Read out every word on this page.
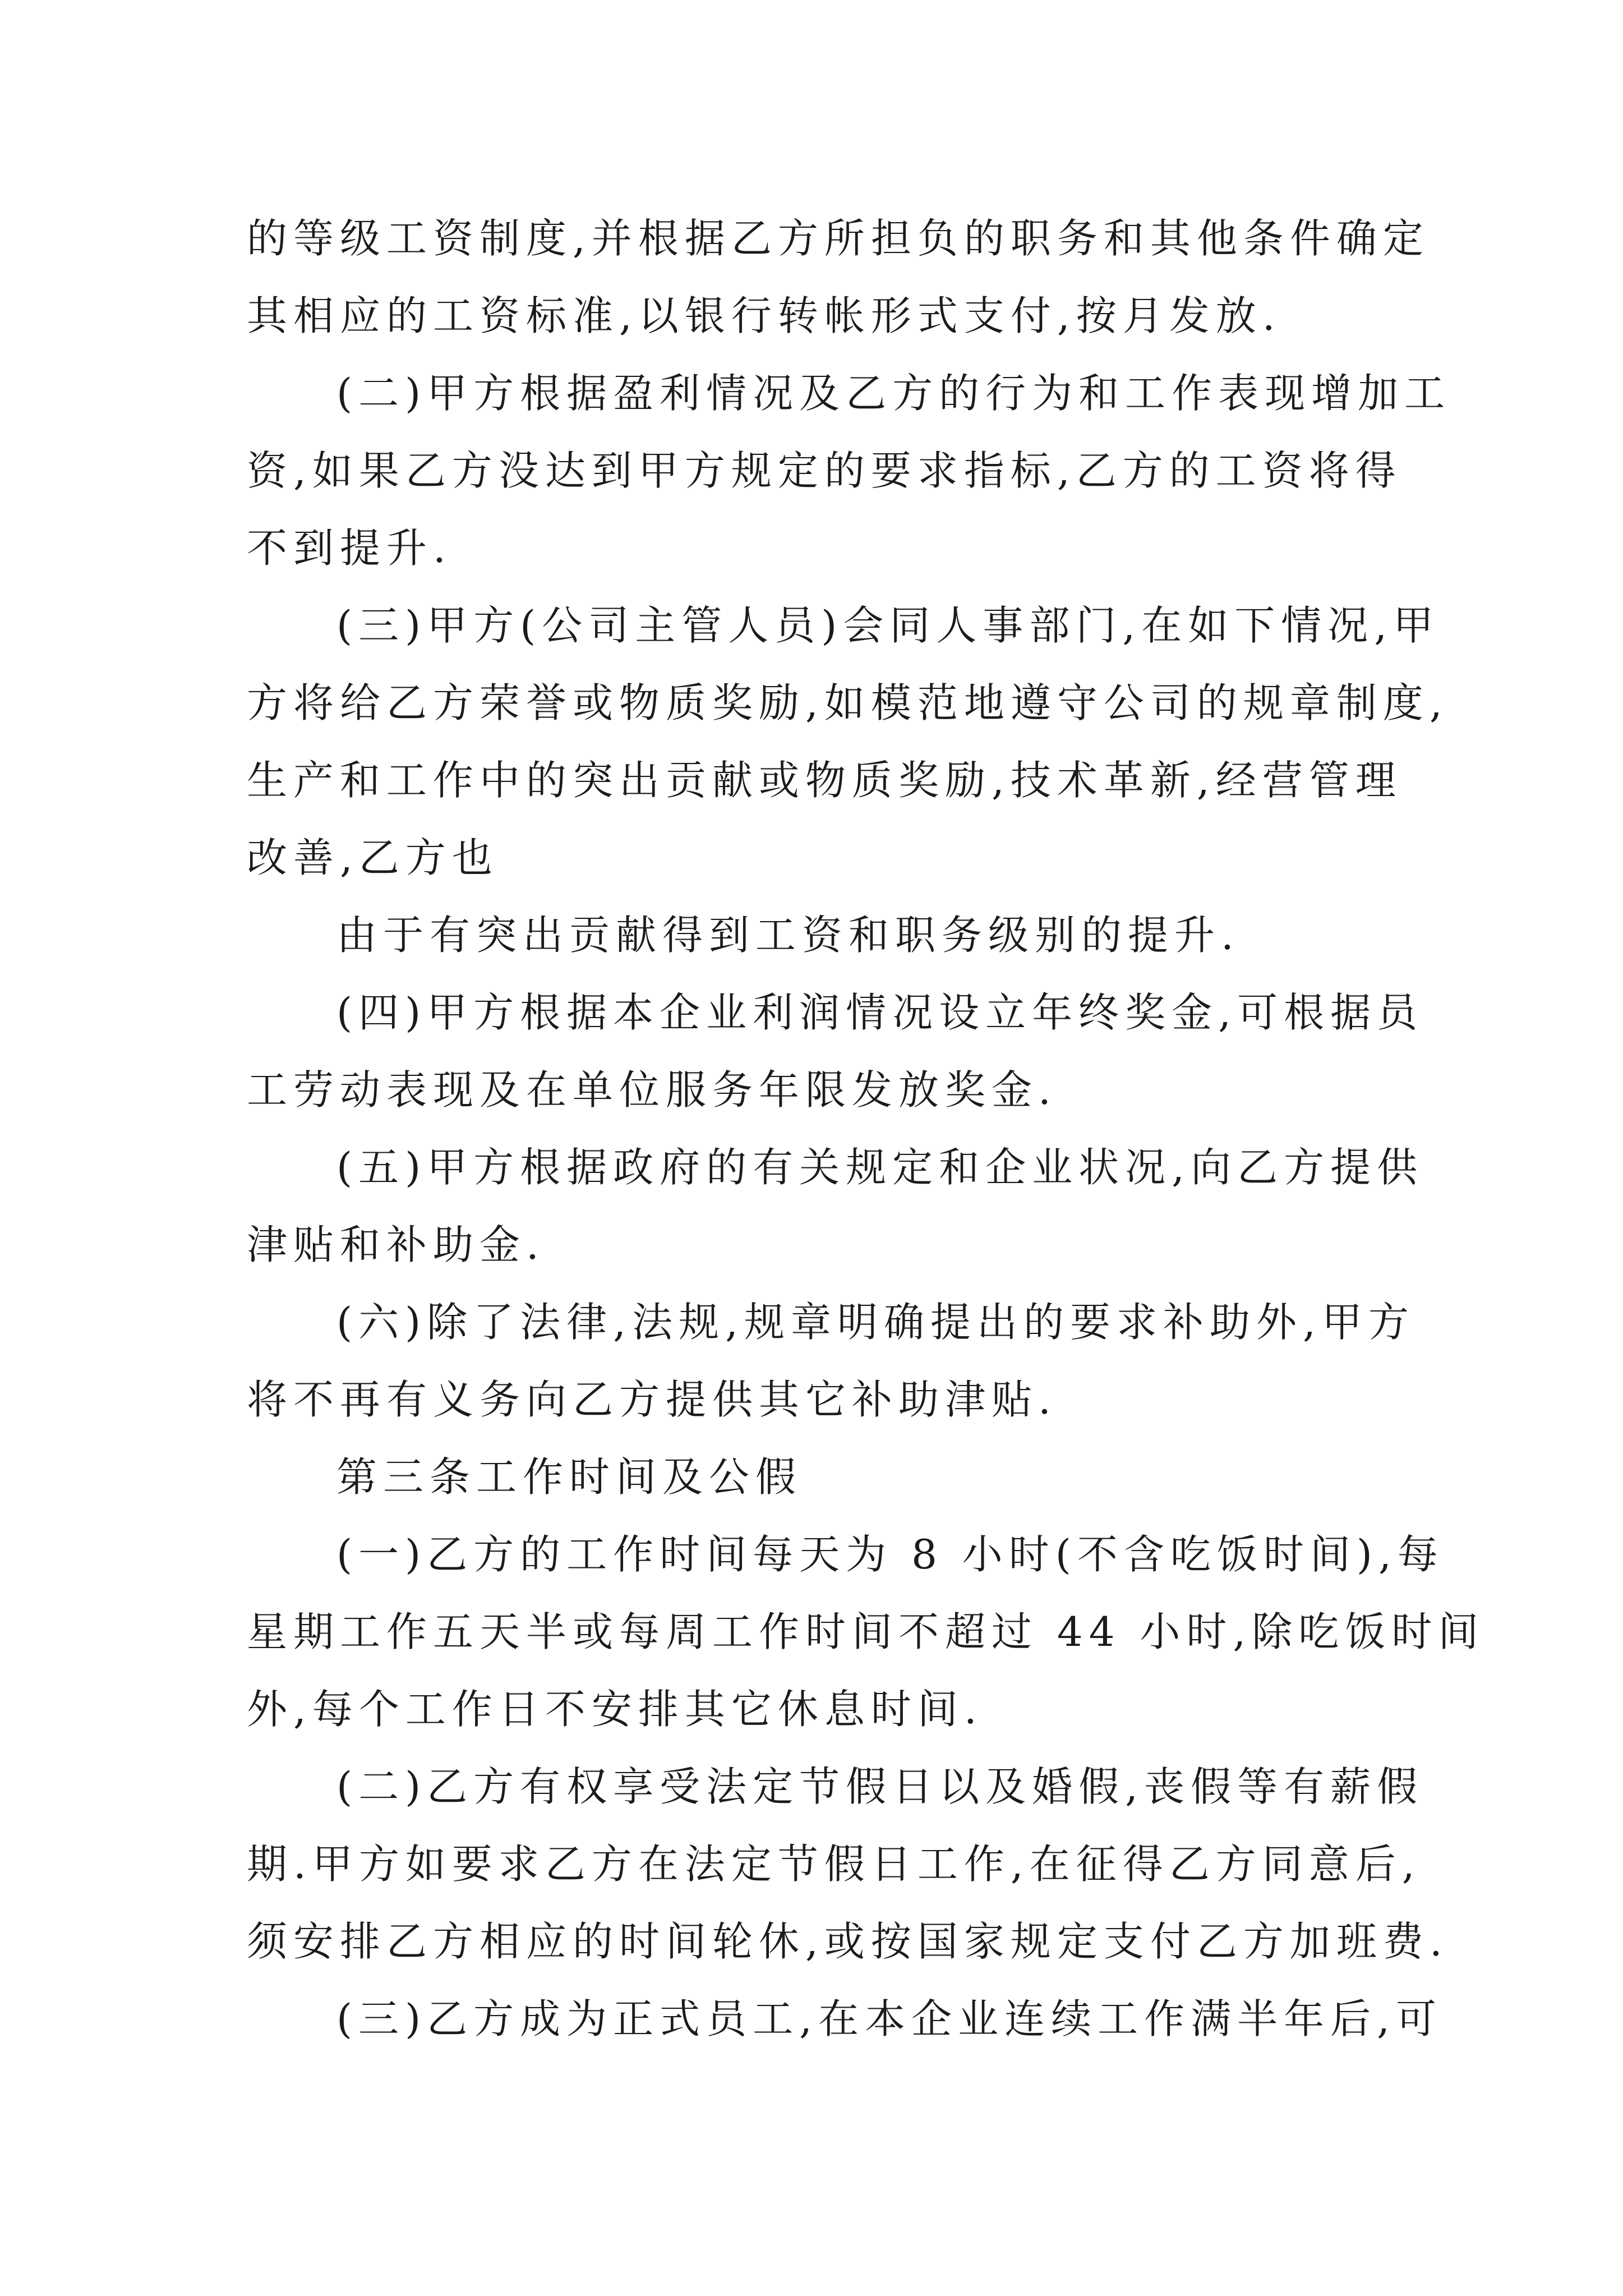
的等级工资制度,并根据乙方所担负的职务和其他条件确定
其相应的工资标准,以银行转帐形式支付,按月发放.
(二)甲方根据盈利情况及乙方的行为和工作表现增加工
资,如果乙方没达到甲方规定的要求指标,乙方的工资将得
不到提升.
(三)甲方(公司主管人员)会同人事部门,在如下情况,甲
方将给乙方荣誉或物质奖励,如模范地遵守公司的规章制度,
生产和工作中的突出贡献或物质奖励,技术革新,经营管理
改善,乙方也
由于有突出贡献得到工资和职务级别的提升.
(四)甲方根据本企业利润情况设立年终奖金,可根据员
工劳动表现及在单位服务年限发放奖金.
(五)甲方根据政府的有关规定和企业状况,向乙方提供
津贴和补助金.
(六)除了法律,法规,规章明确提出的要求补助外,甲方
将不再有义务向乙方提供其它补助津贴.
第三条工作时间及公假
(一)乙方的工作时间每天为 8 小时(不含吃饭时间),每
星期工作五天半或每周工作时间不超过 44 小时,除吃饭时间
外,每个工作日不安排其它休息时间.
(二)乙方有权享受法定节假日以及婚假,丧假等有薪假
期.甲方如要求乙方在法定节假日工作,在征得乙方同意后,
须安排乙方相应的时间轮休,或按国家规定支付乙方加班费.
(三)乙方成为正式员工,在本企业连续工作满半年后,可
